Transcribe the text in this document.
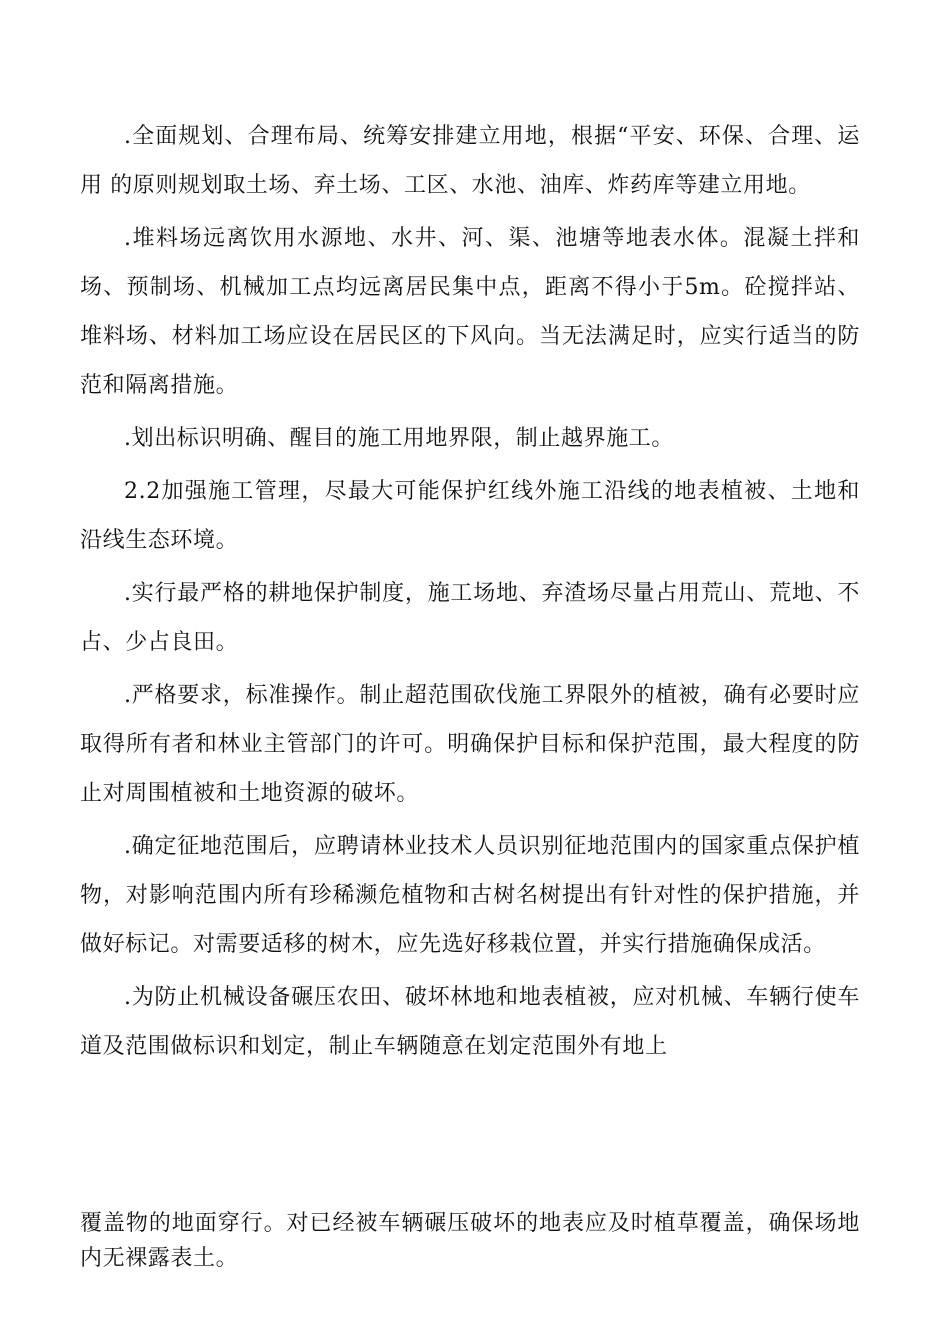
.全面规划、合理布局、统筹安排建立用地，根据“平安、环保、合理、运用 的原则规划取土场、弃土场、工区、水池、油库、炸药库等建立用地。

.堆料场远离饮用水源地、水井、河、渠、池塘等地表水体。混凝土拌和场、预制场、机械加工点均远离居民集中点，距离不得小于5m。砼搅拌站、堆料场、材料加工场应设在居民区的下风向。当无法满足时，应实行适当的防范和隔离措施。

.划出标识明确、醒目的施工用地界限，制止越界施工。

2.2加强施工管理，尽最大可能保护红线外施工沿线的地表植被、土地和沿线生态环境。

.实行最严格的耕地保护制度，施工场地、弃渣场尽量占用荒山、荒地、不占、少占良田。

.严格要求，标准操作。制止超范围砍伐施工界限外的植被，确有必要时应取得所有者和林业主管部门的许可。明确保护目标和保护范围，最大程度的防止对周围植被和土地资源的破坏。

.确定征地范围后，应聘请林业技术人员识别征地范围内的国家重点保护植物，对影响范围内所有珍稀濒危植物和古树名树提出有针对性的保护措施，并做好标记。对需要适移的树木，应先选好移栽位置，并实行措施确保成活。

.为防止机械设备碾压农田、破坏林地和地表植被，应对机械、车辆行使车道及范围做标识和划定，制止车辆随意在划定范围外有地上

覆盖物的地面穿行。对已经被车辆碾压破坏的地表应及时植草覆盖，确保场地内无裸露表土。
